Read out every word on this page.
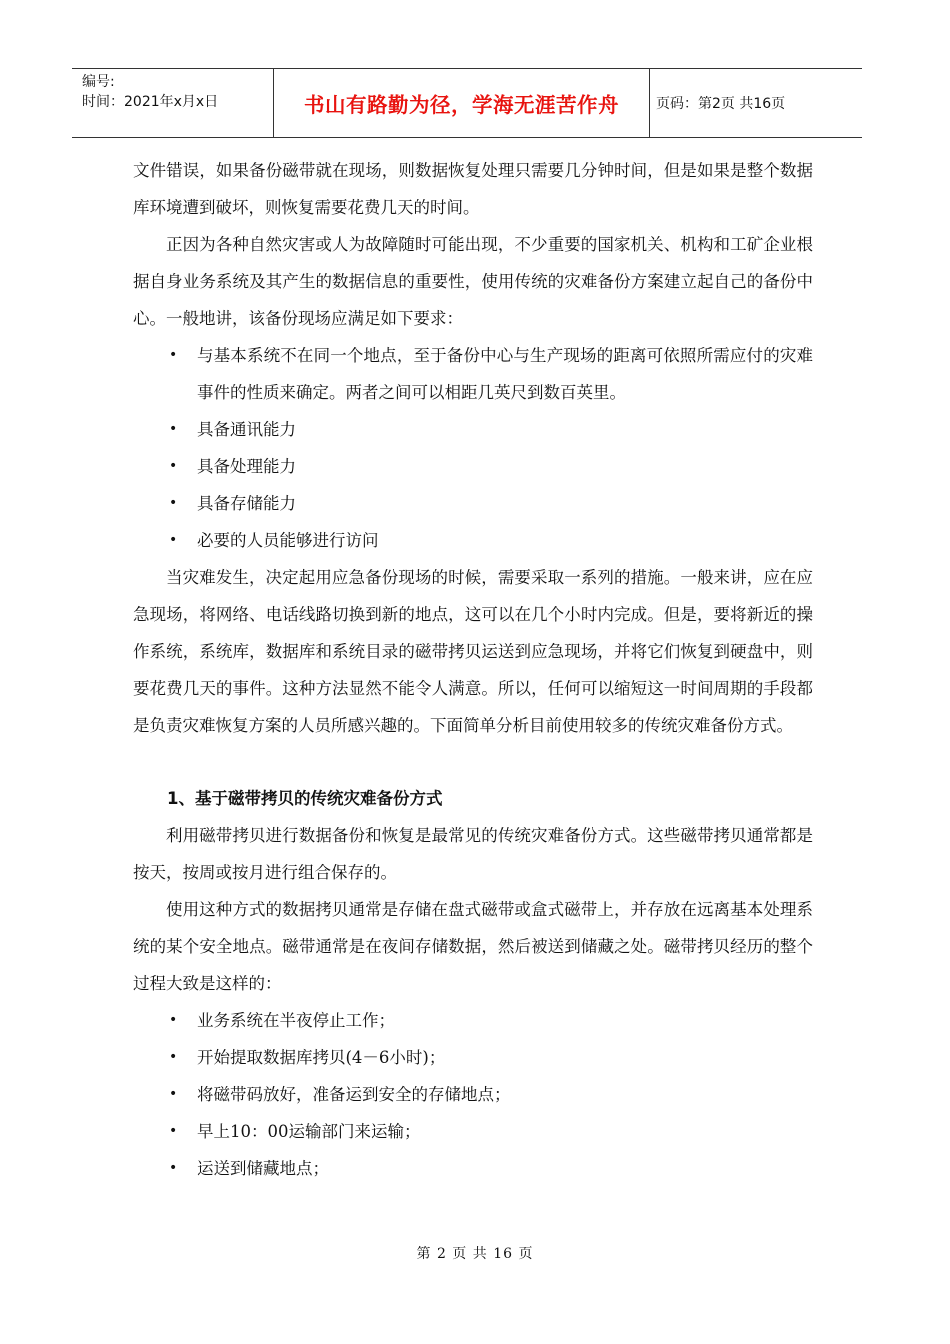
编号:
时间：2021年x月x日	书山有路勤为径，学海无涯苦作舟	页码：第2页 共16页

文件错误，如果备份磁带就在现场，则数据恢复处理只需要几分钟时间，但是如果是整个数据库环境遭到破坏，则恢复需要花费几天的时间。

正因为各种自然灾害或人为故障随时可能出现，不少重要的国家机关、机构和工矿企业根据自身业务系统及其产生的数据信息的重要性，使用传统的灾难备份方案建立起自己的备份中心。一般地讲，该备份现场应满足如下要求：

• 与基本系统不在同一个地点，至于备份中心与生产现场的距离可依照所需应付的灾难事件的性质来确定。两者之间可以相距几英尺到数百英里。
• 具备通讯能力
• 具备处理能力
• 具备存储能力
• 必要的人员能够进行访问

当灾难发生，决定起用应急备份现场的时候，需要采取一系列的措施。一般来讲，应在应急现场，将网络、电话线路切换到新的地点，这可以在几个小时内完成。但是，要将新近的操作系统，系统库，数据库和系统目录的磁带拷贝运送到应急现场，并将它们恢复到硬盘中，则要花费几天的事件。这种方法显然不能令人满意。所以，任何可以缩短这一时间周期的手段都是负责灾难恢复方案的人员所感兴趣的。下面简单分析目前使用较多的传统灾难备份方式。

1、基于磁带拷贝的传统灾难备份方式

利用磁带拷贝进行数据备份和恢复是最常见的传统灾难备份方式。这些磁带拷贝通常都是按天，按周或按月进行组合保存的。

使用这种方式的数据拷贝通常是存储在盘式磁带或盒式磁带上，并存放在远离基本处理系统的某个安全地点。磁带通常是在夜间存储数据，然后被送到储藏之处。磁带拷贝经历的整个过程大致是这样的：

• 业务系统在半夜停止工作；
• 开始提取数据库拷贝(4－6小时)；
• 将磁带码放好，准备运到安全的存储地点；
• 早上10：00运输部门来运输；
• 运送到储藏地点；
第 2 页 共 16 页
